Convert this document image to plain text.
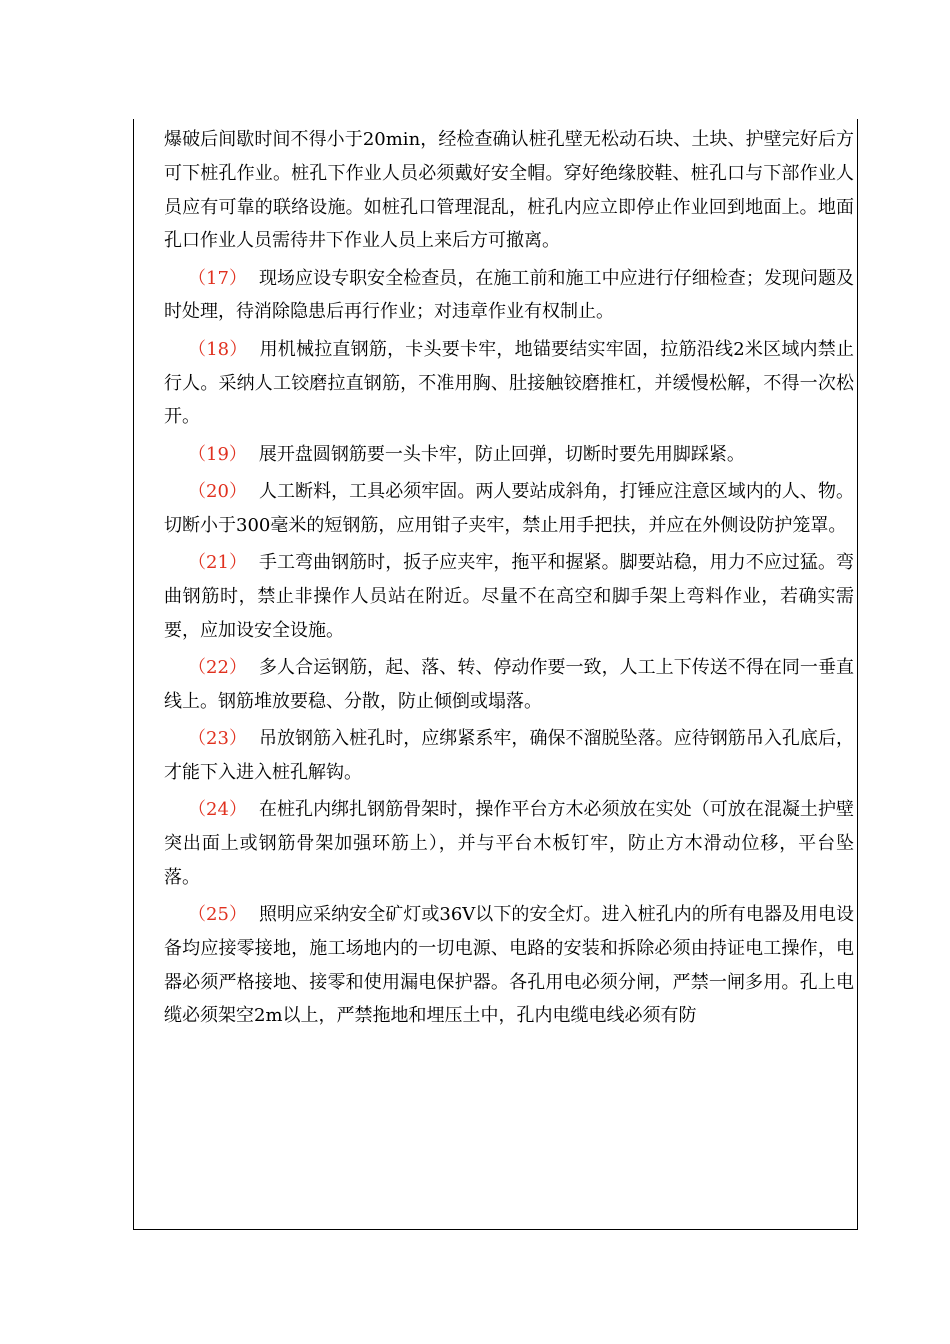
爆破后间歇时间不得小于20min，经检查确认桩孔壁无松动石块、土块、护壁完好后方可下桩孔作业。桩孔下作业人员必须戴好安全帽。穿好绝缘胶鞋、桩孔口与下部作业人员应有可靠的联络设施。如桩孔口管理混乱，桩孔内应立即停止作业回到地面上。地面孔口作业人员需待井下作业人员上来后方可撤离。

（17） 现场应设专职安全检查员，在施工前和施工中应进行仔细检查；发现问题及时处理，待消除隐患后再行作业；对违章作业有权制止。

（18） 用机械拉直钢筋，卡头要卡牢，地锚要结实牢固，拉筋沿线2米区域内禁止行人。采纳人工铰磨拉直钢筋，不准用胸、肚接触铰磨推杠，并缓慢松解，不得一次松开。

（19） 展开盘圆钢筋要一头卡牢，防止回弹，切断时要先用脚踩紧。

（20） 人工断料，工具必须牢固。两人要站成斜角，打锤应注意区域内的人、物。切断小于300毫米的短钢筋，应用钳子夹牢，禁止用手把扶，并应在外侧设防护笼罩。

（21） 手工弯曲钢筋时，扳子应夹牢，拖平和握紧。脚要站稳，用力不应过猛。弯曲钢筋时，禁止非操作人员站在附近。尽量不在高空和脚手架上弯料作业，若确实需要，应加设安全设施。

（22） 多人合运钢筋，起、落、转、停动作要一致，人工上下传送不得在同一垂直线上。钢筋堆放要稳、分散，防止倾倒或塌落。

（23） 吊放钢筋入桩孔时，应绑紧系牢，确保不溜脱坠落。应待钢筋吊入孔底后，才能下入进入桩孔解钩。

（24） 在桩孔内绑扎钢筋骨架时，操作平台方木必须放在实处（可放在混凝土护壁突出面上或钢筋骨架加强环筋上），并与平台木板钉牢，防止方木滑动位移，平台坠落。

（25） 照明应采纳安全矿灯或36V以下的安全灯。进入桩孔内的所有电器及用电设备均应接零接地，施工场地内的一切电源、电路的安装和拆除必须由持证电工操作，电器必须严格接地、接零和使用漏电保护器。各孔用电必须分闸，严禁一闸多用。孔上电缆必须架空2m以上，严禁拖地和埋压土中，孔内电缆电线必须有防
